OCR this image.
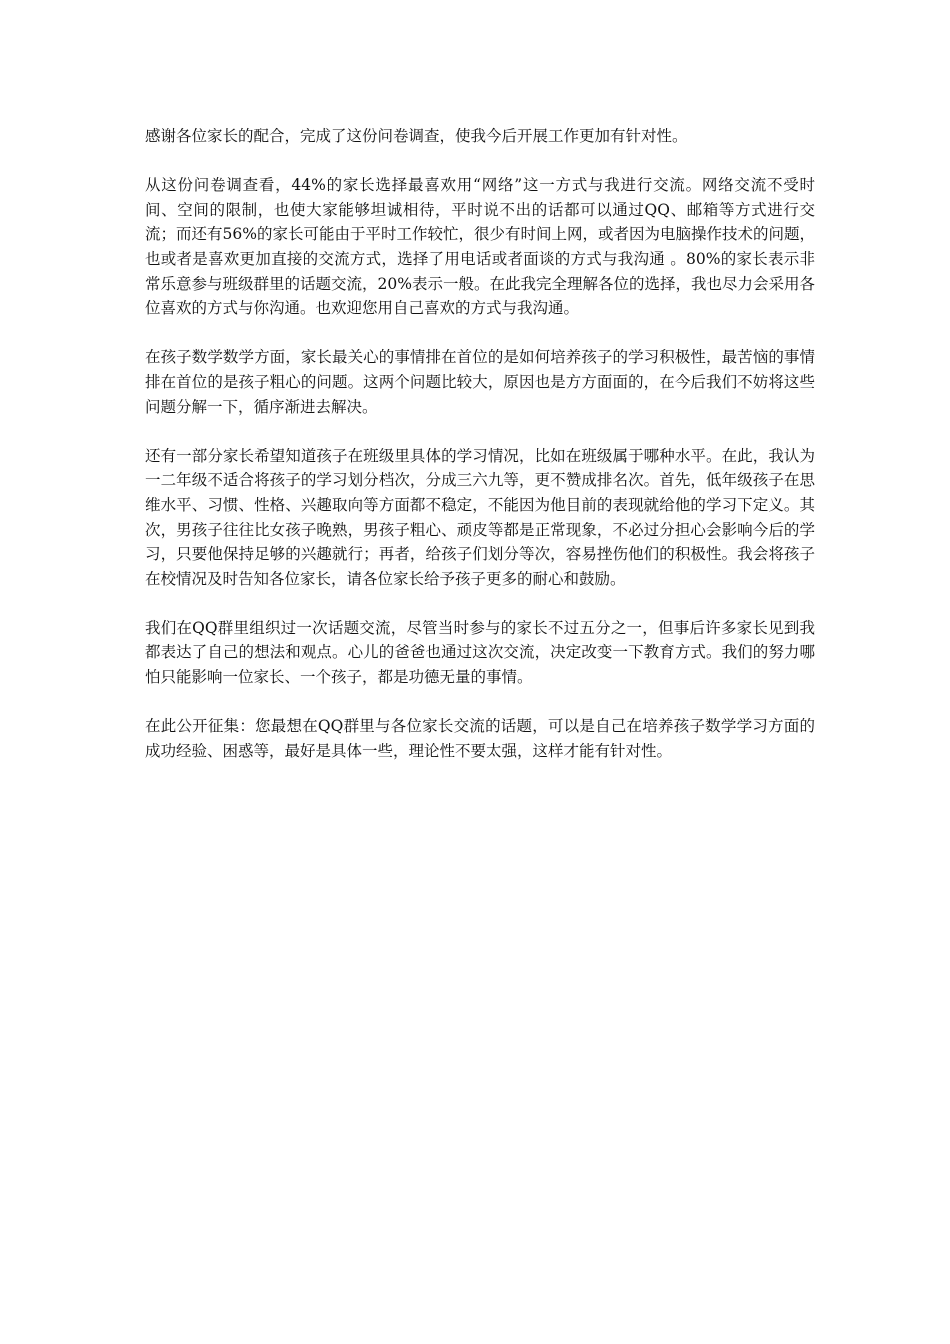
感谢各位家长的配合，完成了这份问卷调查，使我今后开展工作更加有针对性。

从这份问卷调查看，44%的家长选择最喜欢用“网络”这一方式与我进行交流。网络交流不受时间、空间的限制，也使大家能够坦诚相待，平时说不出的话都可以通过QQ、邮箱等方式进行交流；而还有56%的家长可能由于平时工作较忙，很少有时间上网，或者因为电脑操作技术的问题，也或者是喜欢更加直接的交流方式，选择了用电话或者面谈的方式与我沟通 。80%的家长表示非常乐意参与班级群里的话题交流，20%表示一般。在此我完全理解各位的选择，我也尽力会采用各位喜欢的方式与你沟通。也欢迎您用自己喜欢的方式与我沟通。

在孩子数学数学方面，家长最关心的事情排在首位的是如何培养孩子的学习积极性，最苦恼的事情排在首位的是孩子粗心的问题。这两个问题比较大，原因也是方方面面的，在今后我们不妨将这些问题分解一下，循序渐进去解决。

还有一部分家长希望知道孩子在班级里具体的学习情况，比如在班级属于哪种水平。在此，我认为一二年级不适合将孩子的学习划分档次，分成三六九等，更不赞成排名次。首先，低年级孩子在思维水平、习惯、性格、兴趣取向等方面都不稳定，不能因为他目前的表现就给他的学习下定义。其次，男孩子往往比女孩子晚熟，男孩子粗心、顽皮等都是正常现象，不必过分担心会影响今后的学习，只要他保持足够的兴趣就行；再者，给孩子们划分等次，容易挫伤他们的积极性。我会将孩子在校情况及时告知各位家长，请各位家长给予孩子更多的耐心和鼓励。

我们在QQ群里组织过一次话题交流，尽管当时参与的家长不过五分之一，但事后许多家长见到我都表达了自己的想法和观点。心儿的爸爸也通过这次交流，决定改变一下教育方式。我们的努力哪怕只能影响一位家长、一个孩子，都是功德无量的事情。

在此公开征集：您最想在QQ群里与各位家长交流的话题，可以是自己在培养孩子数学学习方面的成功经验、困惑等，最好是具体一些，理论性不要太强，这样才能有针对性。
